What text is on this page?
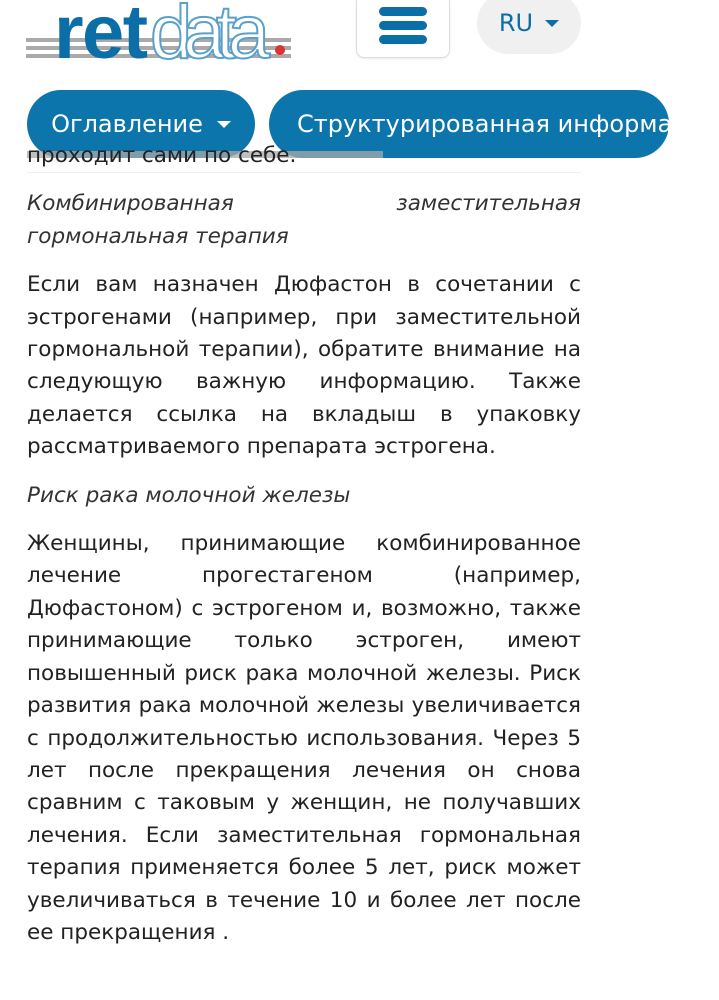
ret data	RU
Оглавление	Структурированная информация

проходит сами по себе.

Комбинированная заместительная гормональная терапия

Если вам назначен Дюфастон в сочетании с эстрогенами (например, при заместительной гормональной терапии), обратите внимание на следующую важную информацию. Также делается ссылка на вкладыш в упаковку рассматриваемого препарата эстрогена.

Риск рака молочной железы

Женщины, принимающие комбинированное лечение прогестагеном (например, Дюфастоном) с эстрогеном и, возможно, также принимающие только эстроген, имеют повышенный риск рака молочной железы. Риск развития рака молочной железы увеличивается с продолжительностью использования. Через 5 лет после прекращения лечения он снова сравним с таковым у женщин, не получавших лечения. Если заместительная гормональная терапия применяется более 5 лет, риск может увеличиваться в течение 10 и более лет после ее прекращения .
